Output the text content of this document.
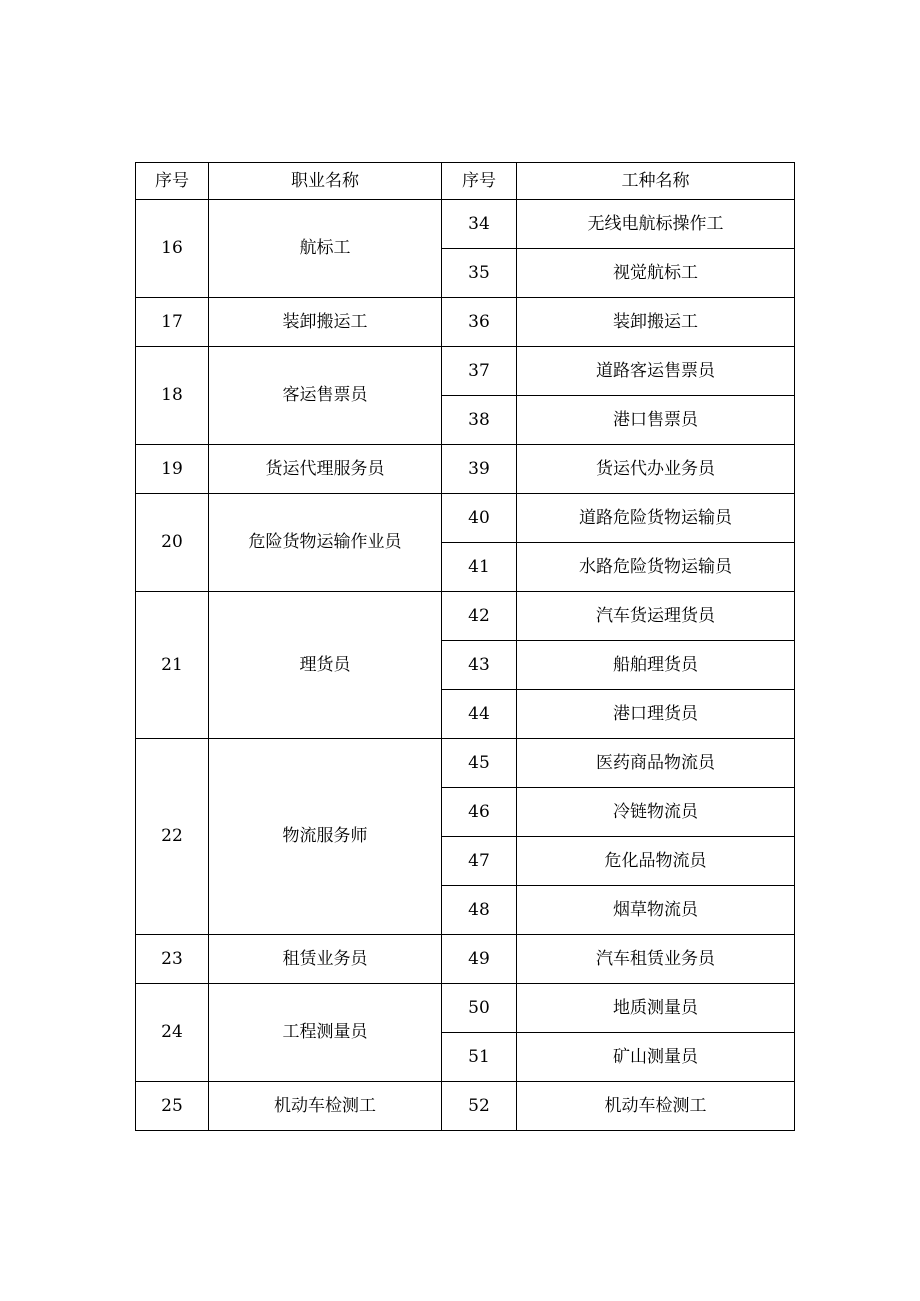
序号	职业名称	序号	工种名称
16	航标工	34	无线电航标操作工
		35	视觉航标工
17	装卸搬运工	36	装卸搬运工
18	客运售票员	37	道路客运售票员
		38	港口售票员
19	货运代理服务员	39	货运代办业务员
20	危险货物运输作业员	40	道路危险货物运输员
		41	水路危险货物运输员
21	理货员	42	汽车货运理货员
		43	船舶理货员
		44	港口理货员
22	物流服务师	45	医药商品物流员
		46	冷链物流员
		47	危化品物流员
		48	烟草物流员
23	租赁业务员	49	汽车租赁业务员
24	工程测量员	50	地质测量员
		51	矿山测量员
25	机动车检测工	52	机动车检测工
